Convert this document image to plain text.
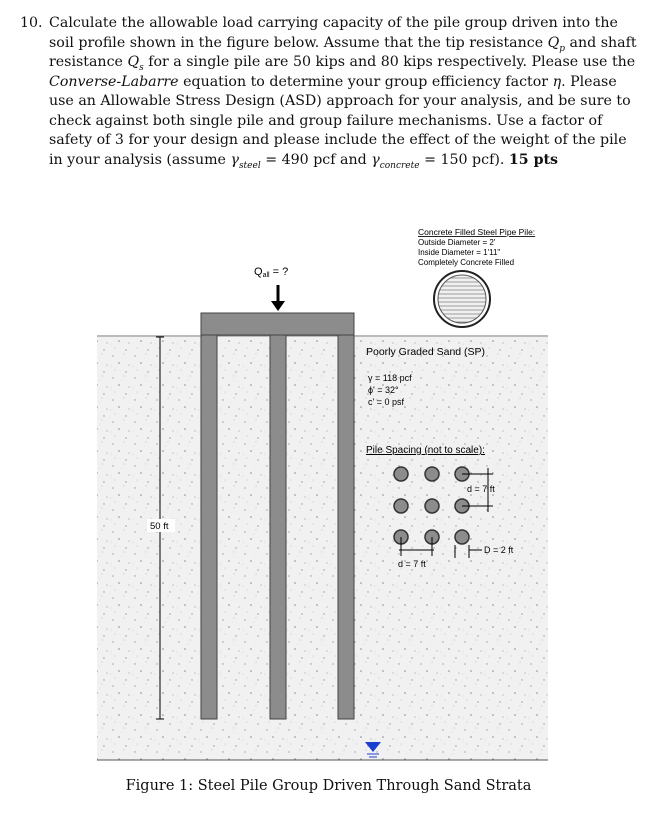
10. Calculate the allowable load carrying capacity of the pile group driven into the soil profile shown in the figure below. Assume that the tip resistance $Q_p$ and shaft resistance $Q_s$ for a single pile are 50 kips and 80 kips respectively. Please use the Converse-Labarre equation to determine your group efficiency factor η. Please use an Allowable Stress Design (ASD) approach for your analysis, and be sure to check against both single pile and group failure mechanisms. Use a factor of safety of 3 for your design and please include the effect of the weight of the pile in your analysis (assume $\gamma_{steel} = 490$ pcf and $\gamma_{concrete} = 150$ pcf). 15 pts
Qall = ?
Concrete Filled Steel Pipe Pile:
Outside Diameter = 2'
Inside Diameter = 1'11"
Completely Concrete Filled
Poorly Graded Sand (SP)
γ = 118 pcf
ϕ' = 32°
c' = 0 psf
Pile Spacing (not to scale):
d = 7 ft
d = 7 ft
D = 2 ft
50 ft
Figure 1: Steel Pile Group Driven Through Sand Strata
